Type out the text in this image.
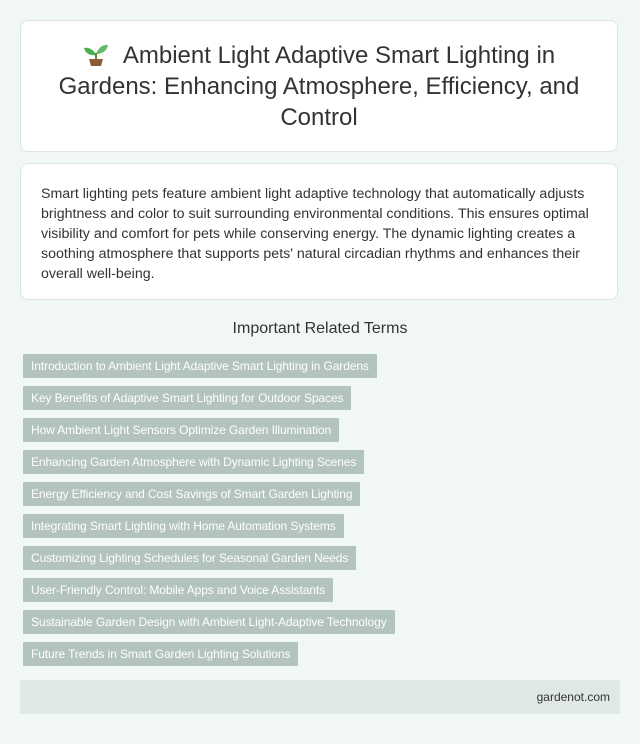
Ambient Light Adaptive Smart Lighting in Gardens: Enhancing Atmosphere, Efficiency, and Control

Smart lighting pets feature ambient light adaptive technology that automatically adjusts brightness and color to suit surrounding environmental conditions. This ensures optimal visibility and comfort for pets while conserving energy. The dynamic lighting creates a soothing atmosphere that supports pets' natural circadian rhythms and enhances their overall well-being.

Important Related Terms
Introduction to Ambient Light Adaptive Smart Lighting in Gardens
Key Benefits of Adaptive Smart Lighting for Outdoor Spaces
How Ambient Light Sensors Optimize Garden Illumination
Enhancing Garden Atmosphere with Dynamic Lighting Scenes
Energy Efficiency and Cost Savings of Smart Garden Lighting
Integrating Smart Lighting with Home Automation Systems
Customizing Lighting Schedules for Seasonal Garden Needs
User-Friendly Control: Mobile Apps and Voice Assistants
Sustainable Garden Design with Ambient Light-Adaptive Technology
Future Trends in Smart Garden Lighting Solutions
gardenot.com
